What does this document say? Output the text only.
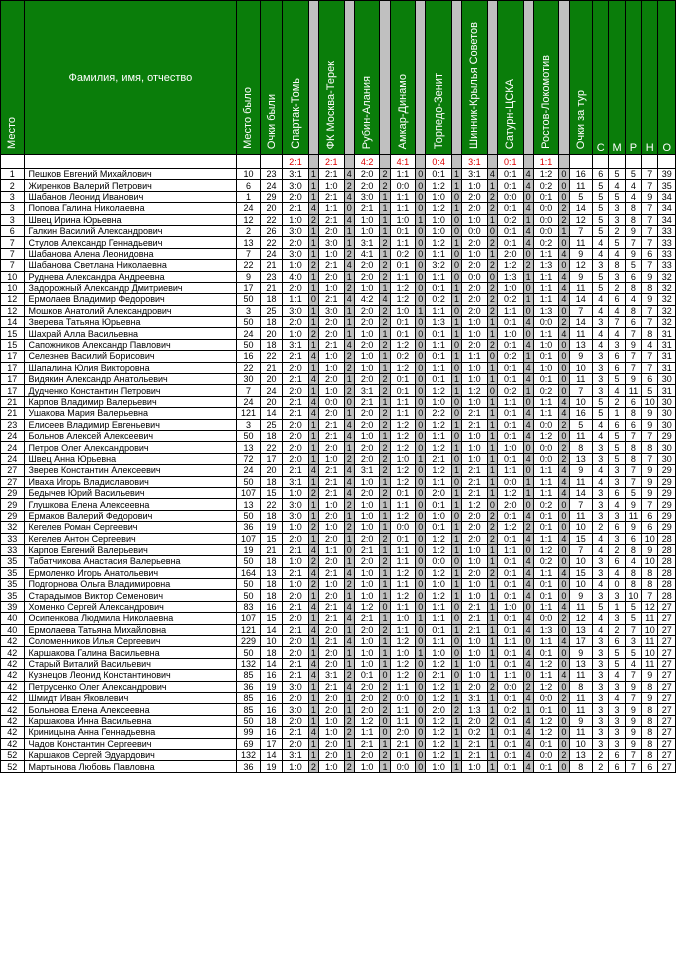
Место	Фамилия, имя, отчество	Место было	Очки были	Спартак-Томь		ФК Москва-Терек		Рубин-Алания		Амкар-Динамо		Торпедо-Зенит		Шинник-Крылья Советов		Сатурн-ЦСКА		Ростов-Локомотив		Очки за тур	С	М	Р	Н	О
				2:1		2:1		4:2		4:1		0:4		3:1		0:1		1:1							
1	Пешков Евгений Михайлович	10	23	3:1	1	2:1	4	2:0	2	1:1	0	0:1	1	3:1	4	0:1	4	1:2	0	16	6	5	5	7	39
2	Жиренков Валерий Петрович	6	24	3:0	1	1:0	2	2:0	2	0:0	0	1:2	1	1:0	1	0:1	4	0:2	0	11	5	4	4	7	35
3	Шабанов Леонид Иванович	1	29	2:0	1	2:1	4	3:0	1	1:1	0	1:0	0	2:0	2	0:0	0	0:1	0	5	5	5	4	9	34
3	Попова Галина Николаевна	24	20	2:1	4	1:1	0	2:1	1	1:1	0	1:2	1	2:0	2	0:1	4	0:0	2	14	5	3	8	7	34
3	Швец Ирина Юрьевна	12	22	1:0	2	2:1	4	1:0	1	1:0	1	1:0	0	1:0	1	0:2	1	0:0	2	12	5	3	8	7	34
6	Галкин Василий Александрович	2	26	3:0	1	2:0	1	1:0	1	0:1	0	1:0	0	0:0	0	0:1	4	0:0	1	7	5	2	9	7	33
7	Стулов Александр Геннадьевич	13	22	2:0	1	3:0	1	3:1	2	1:1	0	1:2	1	2:0	2	0:1	4	0:2	0	11	4	5	7	7	33
7	Шабанова Алена Леонидовна	7	24	3:0	1	1:0	2	4:1	1	0:2	0	1:1	0	1:0	1	2:0	0	1:1	4	9	4	4	9	6	33
7	Шабанова Светлана Николаевна	22	21	1:0	2	2:1	4	2:0	2	0:1	0	3:2	0	2:0	2	1:2	2	1:3	0	12	3	8	5	7	33
10	Руднева Александра Андреевна	9	23	4:0	1	2:0	1	2:0	2	1:1	0	1:1	0	0:0	0	1:3	1	1:1	4	9	5	3	6	9	32
10	Задорожный Александр Дмитриевич	17	21	2:0	1	1:0	2	1:0	1	1:2	0	0:1	1	2:0	2	1:0	0	1:1	4	11	5	2	8	8	32
12	Ермолаев Владимир Федорович	50	18	1:1	0	2:1	4	4:2	4	1:2	0	0:2	1	2:0	2	0:2	1	1:1	4	14	4	6	4	9	32
12	Мошков Анатолий Александрович	3	25	3:0	1	3:0	1	2:0	2	1:0	1	1:1	0	2:0	2	1:1	0	1:3	0	7	4	4	8	7	32
14	Зверева Татьяна Юрьевна	50	18	2:0	1	2:0	1	2:0	2	0:1	0	1:3	1	1:0	1	0:1	4	0:0	2	14	3	7	6	7	32
15	Шахрай Алла Васильевна	24	20	1:0	2	2:0	1	1:0	1	0:1	0	0:1	1	1:0	1	1:0	0	1:1	4	11	4	4	7	8	31
15	Сапожников Александр Павлович	50	18	3:1	1	2:1	4	2:0	2	1:2	0	1:1	0	2:0	2	0:1	4	1:0	0	13	4	3	9	4	31
17	Селезнев Василий Борисович	16	22	2:1	4	1:0	2	1:0	1	0:2	0	0:1	1	1:1	0	0:2	1	0:1	0	9	3	6	7	7	31
17	Шапалина Юлия Викторовна	22	21	2:0	1	1:0	2	1:0	1	1:2	0	1:1	0	1:0	1	0:1	4	1:0	0	10	3	6	7	7	31
17	Видякин Александр Анатольевич	30	20	2:1	4	2:0	1	2:0	2	0:1	0	0:1	1	1:0	1	0:1	4	0:1	0	11	3	5	9	6	30
17	Дудченко Константин Петрович	7	24	2:0	1	1:0	2	3:1	2	0:1	0	1:2	1	1:2	0	0:2	1	0:2	0	7	3	4	11	5	31
21	Карпов Владимир Валерьевич	24	20	2:1	4	0:0	0	2:1	1	1:1	0	1:0	0	1:0	1	1:1	0	1:1	4	10	5	2	6	10	30
21	Ушакова Мария Валерьевна	121	14	2:1	4	2:0	1	2:0	2	1:1	0	2:2	0	2:1	1	0:1	4	1:1	4	16	5	1	8	9	30
23	Елисеев Владимир Евгеньевич	3	25	2:0	1	2:1	4	2:0	2	1:2	0	1:2	1	2:1	1	0:1	4	0:0	2	5	4	6	6	9	30
24	Больнов Алексей Алексеевич	50	18	2:0	1	2:1	4	1:0	1	1:2	0	1:1	0	1:0	1	0:1	4	1:2	0	11	4	5	7	7	29
24	Петров Олег Александрович	13	22	2:0	1	2:0	1	2:0	2	1:2	0	1:2	1	1:0	1	1:0	0	0:0	2	8	3	5	8	8	30
24	Швец Анна Юрьевна	72	17	2:0	1	1:0	2	2:0	2	1:0	1	2:1	0	1:0	1	0:1	4	0:0	2	13	3	5	8	7	30
27	Зверев Константин Алексеевич	24	20	2:1	4	2:1	4	3:1	2	1:2	0	1:2	1	2:1	1	1:1	0	1:1	4	9	4	3	7	9	29
27	Иваха Игорь Владиславович	50	18	3:1	1	2:1	4	1:0	1	1:2	0	1:1	0	2:1	1	0:0	1	1:1	4	11	4	3	7	9	29
29	Бедычев Юрий Васильевич	107	15	1:0	2	2:1	4	2:0	2	0:1	0	2:0	1	2:1	1	1:2	1	1:1	4	14	3	6	5	9	29
29	Глушкова Елена Алексеевна	13	22	3:0	1	1:0	2	1:0	1	1:1	0	0:1	1	1:2	0	2:0	0	0:2	0	7	3	4	9	7	29
29	Ермаков Валерий Федорович	50	18	3:0	1	2:0	1	1:0	1	1:2	0	1:0	0	2:0	2	0:1	4	0:1	0	11	3	3	11	6	29
32	Кегелев Роман Сергеевич	36	19	1:0	2	1:0	2	1:0	1	0:0	0	0:1	1	2:0	2	1:2	2	0:1	0	10	2	6	9	6	29
33	Кегелев Антон Сергеевич	107	15	2:0	1	2:0	1	2:0	2	0:1	0	1:2	1	2:0	2	0:1	4	1:1	4	15	4	3	6	10	28
33	Карпов Евгений Валерьевич	19	21	2:1	4	1:1	0	2:1	1	1:1	0	1:2	1	1:0	1	1:1	0	1:2	0	7	4	2	8	9	28
35	Табатчикова Анастасия Валерьевна	50	18	1:0	2	2:0	1	2:0	2	1:1	0	0:0	0	1:0	1	0:1	4	0:2	0	10	3	6	4	10	28
35	Ермоленко Игорь Анатольевич	164	13	2:1	4	2:1	4	1:0	1	1:2	0	1:2	1	2:0	2	0:1	4	1:1	4	15	3	4	8	8	28
35	Подгорнова Ольга Владимировна	50	18	1:0	2	1:0	2	1:0	1	1:1	0	1:0	1	1:0	1	0:1	4	0:1	0	10	4	0	8	8	28
35	Старадымов Виктор Семенович	50	18	2:0	1	2:0	1	1:0	1	1:2	0	1:2	1	1:0	1	0:1	4	0:1	0	9	3	3	10	7	28
39	Хоменко Сергей Александрович	83	16	2:1	4	2:1	4	1:2	0	1:1	0	1:1	0	2:1	1	1:0	0	1:1	4	11	5	1	5	12	27
40	Осипенкова Людмила Николаевна	107	15	2:0	1	2:1	4	2:1	1	1:0	1	1:1	0	2:1	1	0:1	4	0:0	2	12	4	3	5	11	27
40	Ермолаева Татьяна Михайловна	121	14	2:1	4	2:0	1	2:0	2	1:1	0	0:1	1	2:1	1	0:1	4	1:3	0	13	4	2	7	10	27
42	Соломенников Илья Сергеевич	229	10	2:0	1	2:1	4	1:0	1	1:2	0	1:1	0	1:0	1	1:1	0	1:1	4	17	3	6	3	11	27
42	Каршакова Галина Васильевна	50	18	2:0	1	2:0	1	1:0	1	1:0	1	1:0	0	1:0	1	0:1	4	0:1	0	9	3	5	5	10	27
42	Старый Виталий Васильевич	132	14	2:1	4	2:0	1	1:0	1	1:2	0	1:2	1	1:0	1	0:1	4	1:2	0	13	3	5	4	11	27
42	Кузнецов Леонид Константинович	85	16	2:1	4	3:1	2	0:1	0	1:2	0	2:1	0	1:0	1	1:1	0	1:1	4	11	3	4	7	9	27
42	Петрусенко Олег Александрович	36	19	3:0	1	2:1	4	2:0	2	1:1	0	1:2	1	2:0	2	0:0	2	1:2	0	8	3	3	9	8	27
42	Шмидт Иван Яковлевич	85	16	2:0	1	2:0	1	2:0	2	0:0	0	1:2	1	3:1	1	0:1	4	0:0	2	11	3	4	7	9	27
42	Больнова Елена Алексеевна	85	16	3:0	1	2:0	1	2:0	2	1:1	0	2:0	2	1:3	1	0:2	1	0:1	0	11	3	3	9	8	27
42	Каршакова Инна Васильевна	50	18	2:0	1	1:0	2	1:2	0	1:1	0	1:2	1	2:0	2	0:1	4	1:2	0	9	3	3	9	8	27
42	Криницына Анна Геннадьевна	99	16	2:1	4	1:0	2	1:1	0	2:0	0	1:2	1	0:2	1	0:1	4	1:2	0	11	3	3	9	8	27
42	Чадов Константин Сергеевич	69	17	2:0	1	2:0	1	2:1	1	2:1	0	1:2	1	2:1	1	0:1	4	0:1	0	10	3	3	9	8	27
52	Каршаков Сергей Эдуардович	132	14	3:1	1	2:0	1	2:0	2	0:1	0	1:2	1	2:1	1	0:1	4	0:0	2	13	2	6	7	8	27
52	Мартынова Любовь Павловна	36	19	1:0	2	1:0	2	1:0	1	0:0	0	1:0	1	1:0	1	0:1	4	0:1	0	8	2	6	7	6	27
